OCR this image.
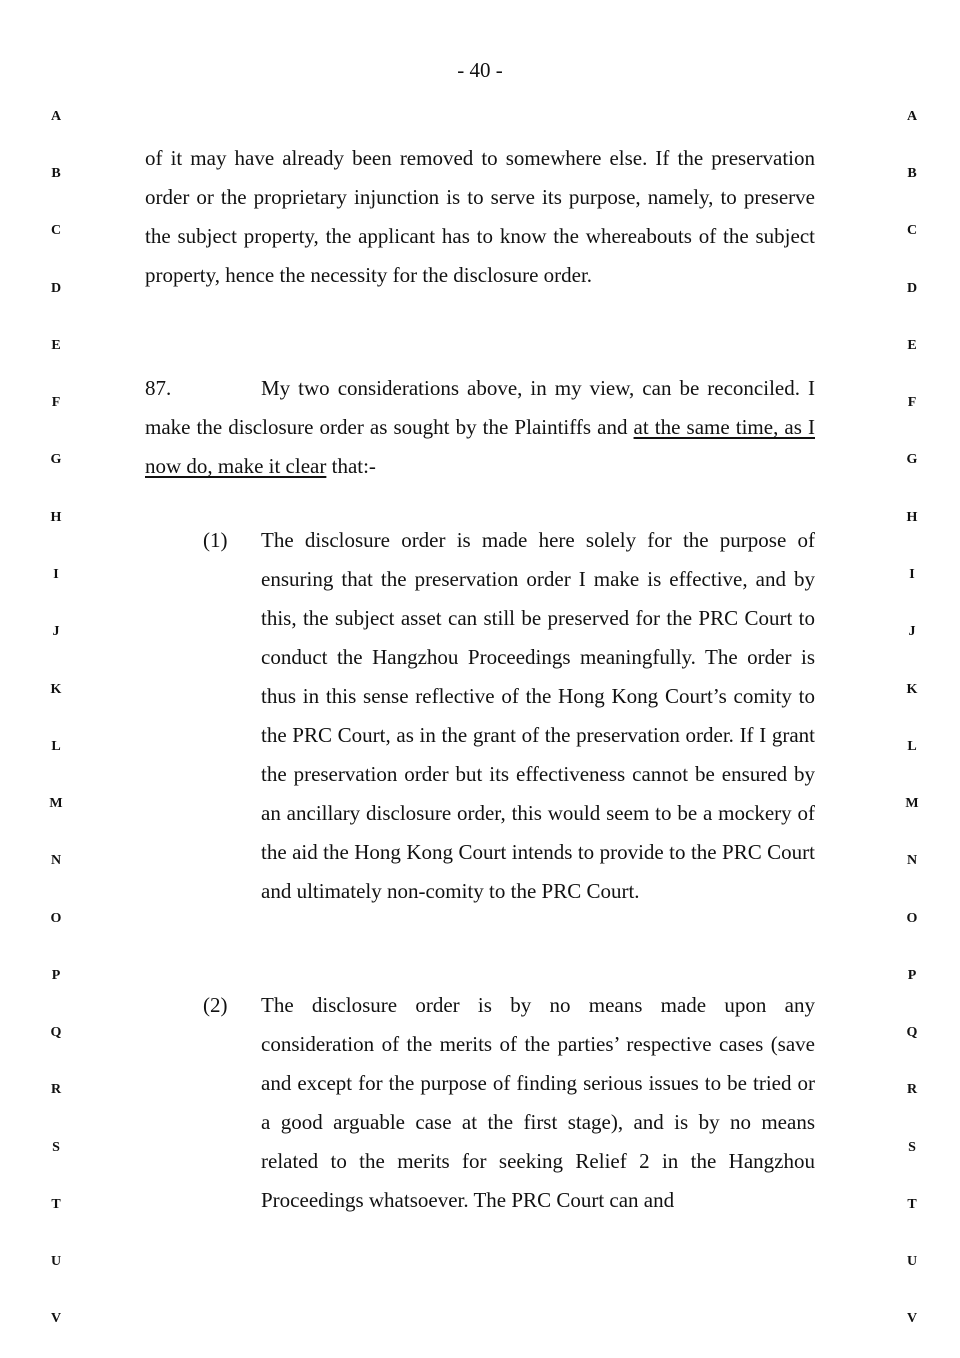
- 40 -
A
B
C
D
E
F
G
H
I
J
K
L
M
N
O
P
Q
R
S
T
U
V
A
B
C
D
E
F
G
H
I
J
K
L
M
N
O
P
Q
R
S
T
U
V
of it may have already been removed to somewhere else. If the preservation order or the proprietary injunction is to serve its purpose, namely, to preserve the subject property, the applicant has to know the whereabouts of the subject property, hence the necessity for the disclosure order.
87.	My two considerations above, in my view, can be reconciled. I make the disclosure order as sought by the Plaintiffs and at the same time, as I now do, make it clear that:-
(1)	The disclosure order is made here solely for the purpose of ensuring that the preservation order I make is effective, and by this, the subject asset can still be preserved for the PRC Court to conduct the Hangzhou Proceedings meaningfully. The order is thus in this sense reflective of the Hong Kong Court’s comity to the PRC Court, as in the grant of the preservation order. If I grant the preservation order but its effectiveness cannot be ensured by an ancillary disclosure order, this would seem to be a mockery of the aid the Hong Kong Court intends to provide to the PRC Court and ultimately non-comity to the PRC Court.
(2)	The disclosure order is by no means made upon any consideration of the merits of the parties’ respective cases (save and except for the purpose of finding serious issues to be tried or a good arguable case at the first stage), and is by no means related to the merits for seeking Relief 2 in the Hangzhou Proceedings whatsoever. The PRC Court can and
